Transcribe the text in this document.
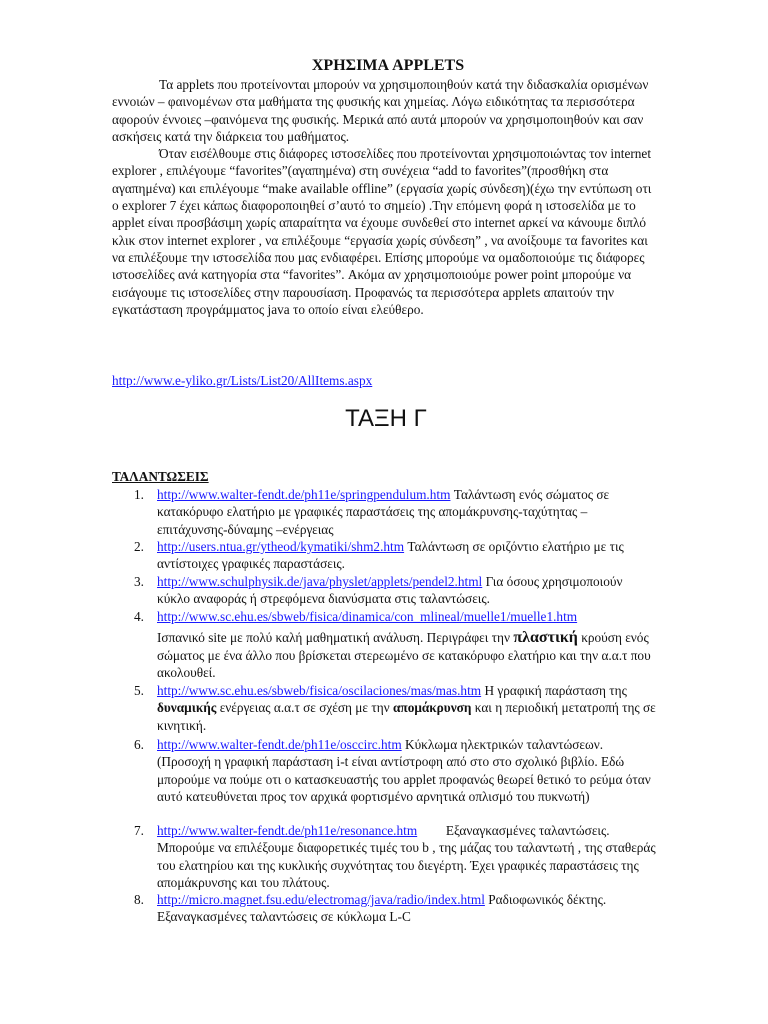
ΧΡΗΣΙΜΑ APPLETS

Τα applets που προτείνονται μπορούν να χρησιμοποιηθούν κατά την διδασκαλία ορισμένων εννοιών – φαινομένων στα μαθήματα της φυσικής και χημείας. Λόγω ειδικότητας τα περισσότερα αφορούν έννοιες –φαινόμενα της φυσικής. Μερικά από αυτά μπορούν να χρησιμοποιηθούν και σαν ασκήσεις κατά την διάρκεια του μαθήματος.

Όταν εισέλθουμε στις διάφορες ιστοσελίδες που προτείνονται χρησιμοποιώντας τον internet explorer , επιλέγουμε “favorites”(αγαπημένα) στη συνέχεια “add to favorites”(προσθήκη στα αγαπημένα) και επιλέγουμε “make available offline” (εργασία χωρίς σύνδεση)(έχω την εντύπωση οτι ο explorer 7 έχει κάπως διαφοροποιηθεί σ’αυτό το σημείο) .Την επόμενη φορά η ιστοσελίδα με το applet είναι προσβάσιμη χωρίς απαραίτητα να έχουμε συνδεθεί στο internet αρκεί να κάνουμε διπλό κλικ στον internet explorer , να επιλέξουμε “εργασία χωρίς σύνδεση” , να ανοίξουμε τα favorites και να επιλέξουμε την ιστοσελίδα που μας ενδιαφέρει. Επίσης μπορούμε να ομαδοποιούμε τις διάφορες ιστοσελίδες ανά κατηγορία στα “favorites”. Ακόμα αν χρησιμοποιούμε power point μπορούμε να εισάγουμε τις ιστοσελίδες στην παρουσίαση. Προφανώς τα περισσότερα applets απαιτούν την εγκατάσταση προγράμματος java το οποίο είναι ελεύθερο.

http://www.e-yliko.gr/Lists/List20/AllItems.aspx
ΤΑΞΗ Γ
ΤΑΛΑΝΤΩΣΕΙΣ
1. http://www.walter-fendt.de/ph11e/springpendulum.htm Ταλάντωση ενός σώματος σε κατακόρυφο ελατήριο με γραφικές παραστάσεις της απομάκρυνσης-ταχύτητας – επιτάχυνσης-δύναμης –ενέργειας
2. http://users.ntua.gr/ytheod/kymatiki/shm2.htm Ταλάντωση σε οριζόντιο ελατήριο με τις αντίστοιχες γραφικές παραστάσεις.
3. http://www.schulphysik.de/java/physlet/applets/pendel2.html Για όσους χρησιμοποιούν κύκλο αναφοράς ή στρεφόμενα διανύσματα στις ταλαντώσεις.
4. http://www.sc.ehu.es/sbweb/fisica/dinamica/con_mlineal/muelle1/muelle1.htm
Ισπανικό site με πολύ καλή μαθηματική ανάλυση. Περιγράφει την πλαστική κρούση ενός σώματος με ένα άλλο που βρίσκεται στερεωμένο σε κατακόρυφο ελατήριο και την α.α.τ που ακολουθεί.
5. http://www.sc.ehu.es/sbweb/fisica/oscilaciones/mas/mas.htm Η γραφική παράσταση της δυναμικής ενέργειας α.α.τ σε σχέση με την απομάκρυνση και η περιοδική μετατροπή της σε κινητική.
6. http://www.walter-fendt.de/ph11e/osccirc.htm Κύκλωμα ηλεκτρικών ταλαντώσεων.(Προσοχή η γραφική παράσταση i-t είναι αντίστροφη από στο στο σχολικό βιβλίο. Εδώ μπορούμε να πούμε οτι ο κατασκευαστής του applet προφανώς θεωρεί θετικό το ρεύμα όταν αυτό κατευθύνεται προς τον αρχικά φορτισμένο αρνητικά οπλισμό του πυκνωτή)
7. http://www.walter-fendt.de/ph11e/resonance.htm Εξαναγκασμένες ταλαντώσεις. Μπορούμε να επιλέξουμε διαφορετικές τιμές του b , της μάζας του ταλαντωτή , της σταθεράς του ελατηρίου και της κυκλικής συχνότητας του διεγέρτη. Έχει γραφικές παραστάσεις της απομάκρυνσης και του πλάτους.
8. http://micro.magnet.fsu.edu/electromag/java/radio/index.html Ραδιοφωνικός δέκτης. Εξαναγκασμένες ταλαντώσεις σε κύκλωμα L-C
